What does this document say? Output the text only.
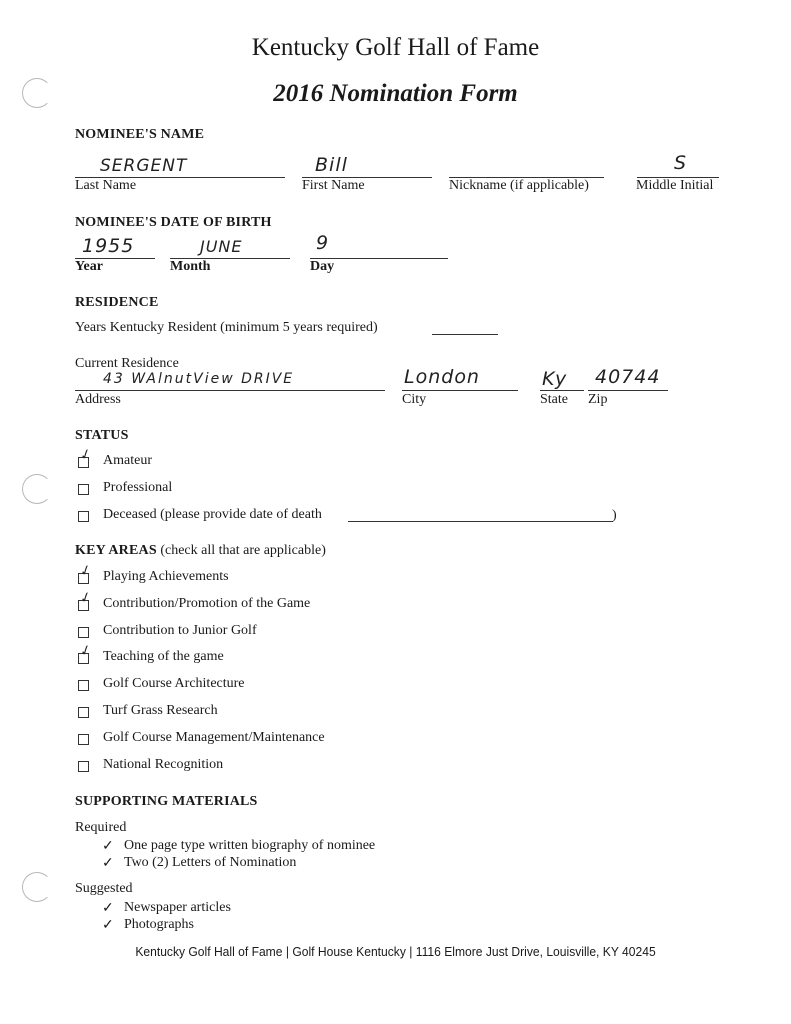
Kentucky Golf Hall of Fame
2016 Nomination Form
NOMINEE'S NAME
SERGENT
Last Name
Bill
First Name	Nickname (if applicable)
S
Middle Initial
NOMINEE'S DATE OF BIRTH
1955
Year
JUNE
Month
9
Day
RESIDENCE
Years Kentucky Resident (minimum 5 years required)
Current Residence
43 WAlnutView DRIVE
Address
London
City
Ky
State
40744
Zip
STATUS
✓ Amateur
Professional
Deceased (please provide date of death	)
KEY AREAS (check all that are applicable)
✓ Playing Achievements
✓ Contribution/Promotion of the Game
Contribution to Junior Golf
✓ Teaching of the game
Golf Course Architecture
Turf Grass Research
Golf Course Management/Maintenance
National Recognition
SUPPORTING MATERIALS
Required
✓ One page type written biography of nominee
✓ Two (2) Letters of Nomination
Suggested
✓ Newspaper articles
✓ Photographs
Kentucky Golf Hall of Fame | Golf House Kentucky | 1116 Elmore Just Drive, Louisville, KY 40245
